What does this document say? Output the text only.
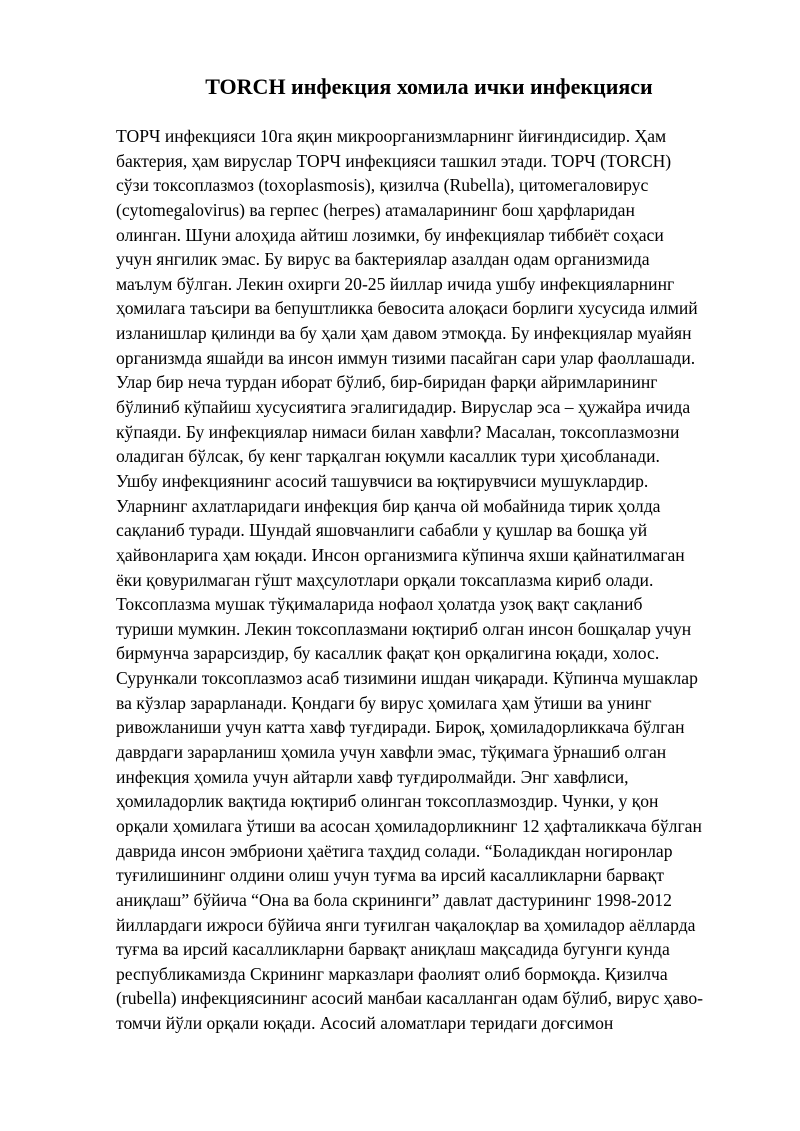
TORCH инфекция хомила ички инфекцияси
ТОРЧ инфекцияси 10га яқин микроорганизмларнинг йиғиндисидир. Ҳам
бактерия, ҳам вируслар ТОРЧ инфекцияси ташкил этади. ТОРЧ (TORCH)
сўзи токсоплазмоз (toxoplasmosis), қизилча (Rubella), цитомегаловирус
(cytomegalovirus) ва герпес (herpes) атамаларининг бош ҳарфларидан
олинган. Шуни алоҳида айтиш лозимки, бу инфекциялар тиббиёт соҳаси
учун янгилик эмас. Бу вирус ва бактериялар азалдан одам организмида
маълум бўлган. Лекин охирги 20-25 йиллар ичида ушбу инфекцияларнинг
ҳомилага таъсири ва бепуштликка бевосита алоқаси борлиги хусусида илмий
изланишлар қилинди ва бу ҳали ҳам давом этмоқда. Бу инфекциялар муайян
организмда яшайди ва инсон иммун тизими пасайган сари улар фаоллашади.
Улар бир неча турдан иборат бўлиб, бир-биридан фарқи айримларининг
бўлиниб кўпайиш хусусиятига эгалигидадир. Вируслар эса – ҳужайра ичида
кўпаяди. Бу инфекциялар нимаси билан хавфли? Масалан, токсоплазмозни
оладиган бўлсак, бу кенг тарқалган юқумли касаллик тури ҳисобланади.
Ушбу инфекциянинг асосий ташувчиси ва юқтирувчиси мушуклардир.
Уларнинг ахлатларидаги инфекция бир қанча ой мобайнида тирик ҳолда
сақланиб туради. Шундай яшовчанлиги сабабли у қушлар ва бошқа уй
ҳайвонларига ҳам юқади. Инсон организмига кўпинча яхши қайнатилмаган
ёки қовурилмаган гўшт маҳсулотлари орқали токсаплазма кириб олади.
Токсоплазма мушак тўқималарида нофаол ҳолатда узоқ вақт сақланиб
туриши мумкин. Лекин токсоплазмани юқтириб олган инсон бошқалар учун
бирмунча зарарсиздир, бу касаллик фақат қон орқалигина юқади, холос.
Сурункали токсоплазмоз асаб тизимини ишдан чиқаради. Кўпинча мушаклар
ва кўзлар зарарланади. Қондаги бу вирус ҳомилага ҳам ўтиши ва унинг
ривожланиши учун катта хавф туғдиради. Бироқ, ҳомиладорликкача бўлган
даврдаги зарарланиш ҳомила учун хавфли эмас, тўқимага ўрнашиб олган
инфекция ҳомила учун айтарли хавф туғдиролмайди. Энг хавфлиси,
ҳомиладорлик вақтида юқтириб олинган токсоплазмоздир. Чунки, у қон
орқали ҳомилага ўтиши ва асосан ҳомиладорликнинг 12 ҳафталиккача бўлган
даврида инсон эмбриони ҳаётига таҳдид солади. “Боладикдан ногиронлар
туғилишининг олдини олиш учун туғма ва ирсий касалликларни барвақт
аниқлаш” бўйича “Она ва бола скрининги” давлат дастурининг 1998-2012
йиллардаги ижроси бўйича янги туғилган чақалоқлар ва ҳомиладор аёлларда
туғма ва ирсий касалликларни барвақт аниқлаш мақсадида бугунги кунда
республикамизда Скрининг марказлари фаолият олиб бормоқда. Қизилча
(rubella) инфекциясининг асосий манбаи касалланган одам бўлиб, вирус ҳаво-
томчи йўли орқали юқади. Асосий аломатлари теридаги доғсимон
